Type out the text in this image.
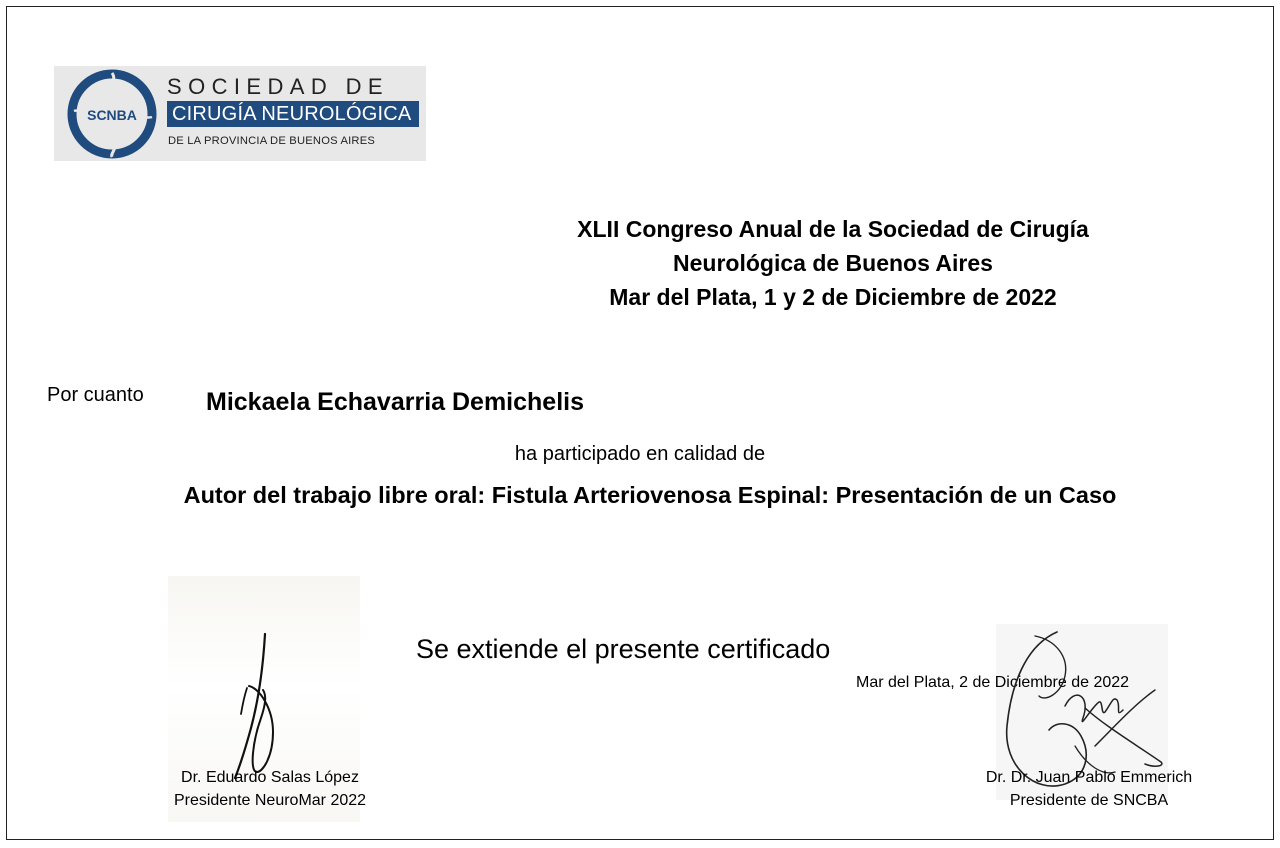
SCNBA
SOCIEDAD DE
CIRUGÍA NEUROLÓGICA
DE LA PROVINCIA DE BUENOS AIRES
XLII Congreso Anual de la Sociedad de Cirugía
Neurológica de Buenos Aires
Mar del Plata, 1 y 2 de Diciembre de 2022
Por cuanto Mickaela Echavarria Demichelis
ha participado en calidad de
Autor del trabajo libre oral: Fistula Arteriovenosa Espinal: Presentación de un Caso
Se extiende el presente certificado
Mar del Plata, 2 de Diciembre de 2022
Dr. Eduardo Salas López
Presidente NeuroMar 2022
Dr. Dr. Juan Pablo Emmerich
Presidente de SNCBA
